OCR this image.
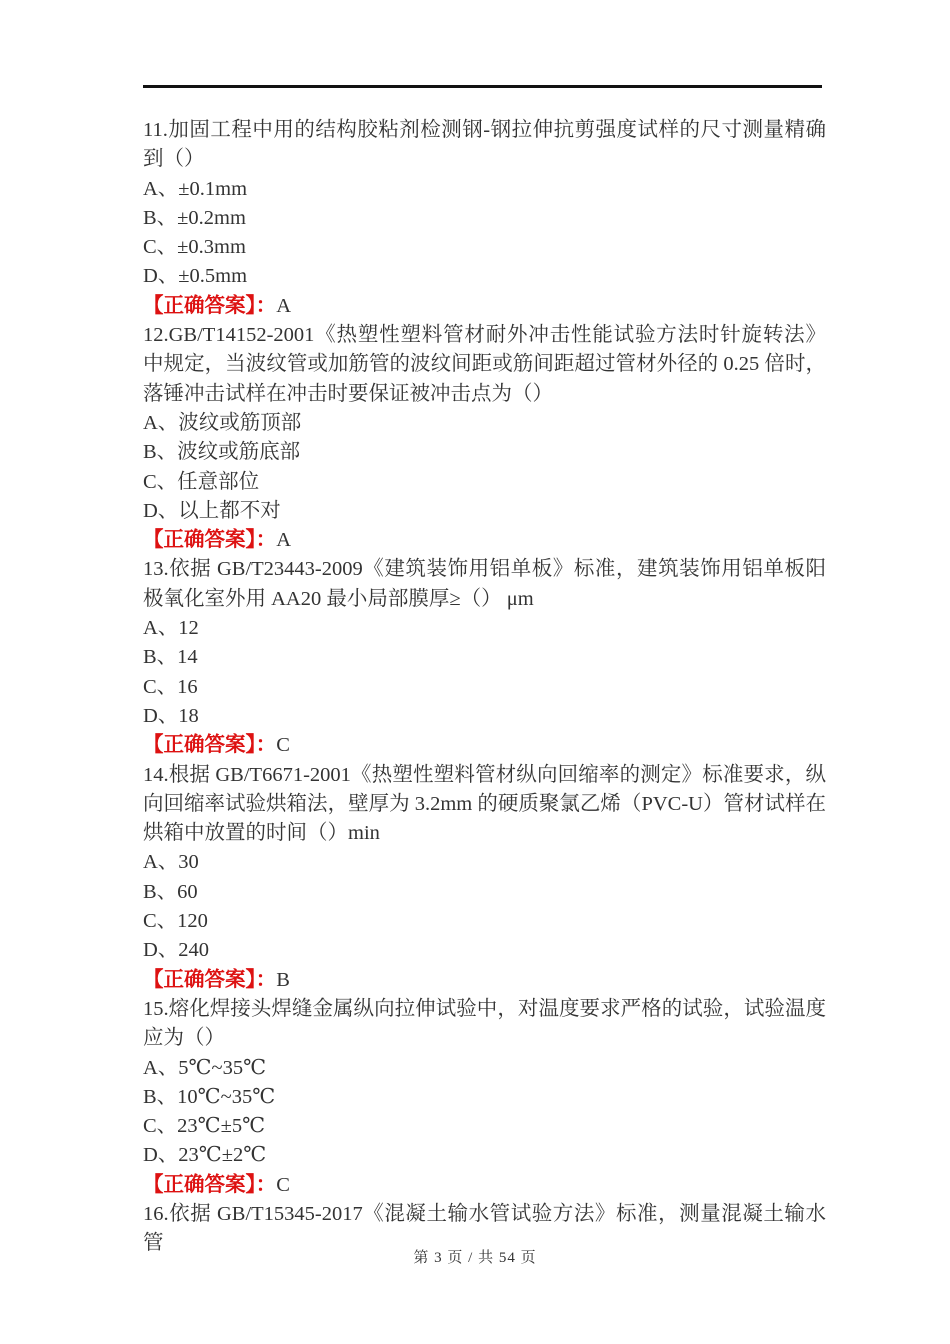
11.加固工程中用的结构胶粘剂检测钢-钢拉伸抗剪强度试样的尺寸测量精确到（）

A、±0.1mm
B、±0.2mm
C、±0.3mm
D、±0.5mm
【正确答案】：A

12.GB/T14152-2001《热塑性塑料管材耐外冲击性能试验方法时针旋转法》中规定，当波纹管或加筋管的波纹间距或筋间距超过管材外径的 0.25 倍时，落锤冲击试样在冲击时要保证被冲击点为（）

A、波纹或筋顶部
B、波纹或筋底部
C、任意部位
D、以上都不对
【正确答案】：A

13.依据 GB/T23443-2009《建筑装饰用铝单板》标准，建筑装饰用铝单板阳极氧化室外用 AA20 最小局部膜厚≥（） μm

A、12
B、14
C、16
D、18
【正确答案】：C

14.根据 GB/T6671-2001《热塑性塑料管材纵向回缩率的测定》标准要求，纵向回缩率试验烘箱法，壁厚为 3.2mm 的硬质聚氯乙烯（PVC-U）管材试样在烘箱中放置的时间（）min

A、30
B、60
C、120
D、240
【正确答案】：B

15.熔化焊接头焊缝金属纵向拉伸试验中，对温度要求严格的试验，试验温度应为（）

A、5℃~35℃
B、10℃~35℃
C、23℃±5℃
D、23℃±2℃
【正确答案】：C

16.依据 GB/T15345-2017《混凝土输水管试验方法》标准，测量混凝土输水管

第 3 页 / 共 54 页
